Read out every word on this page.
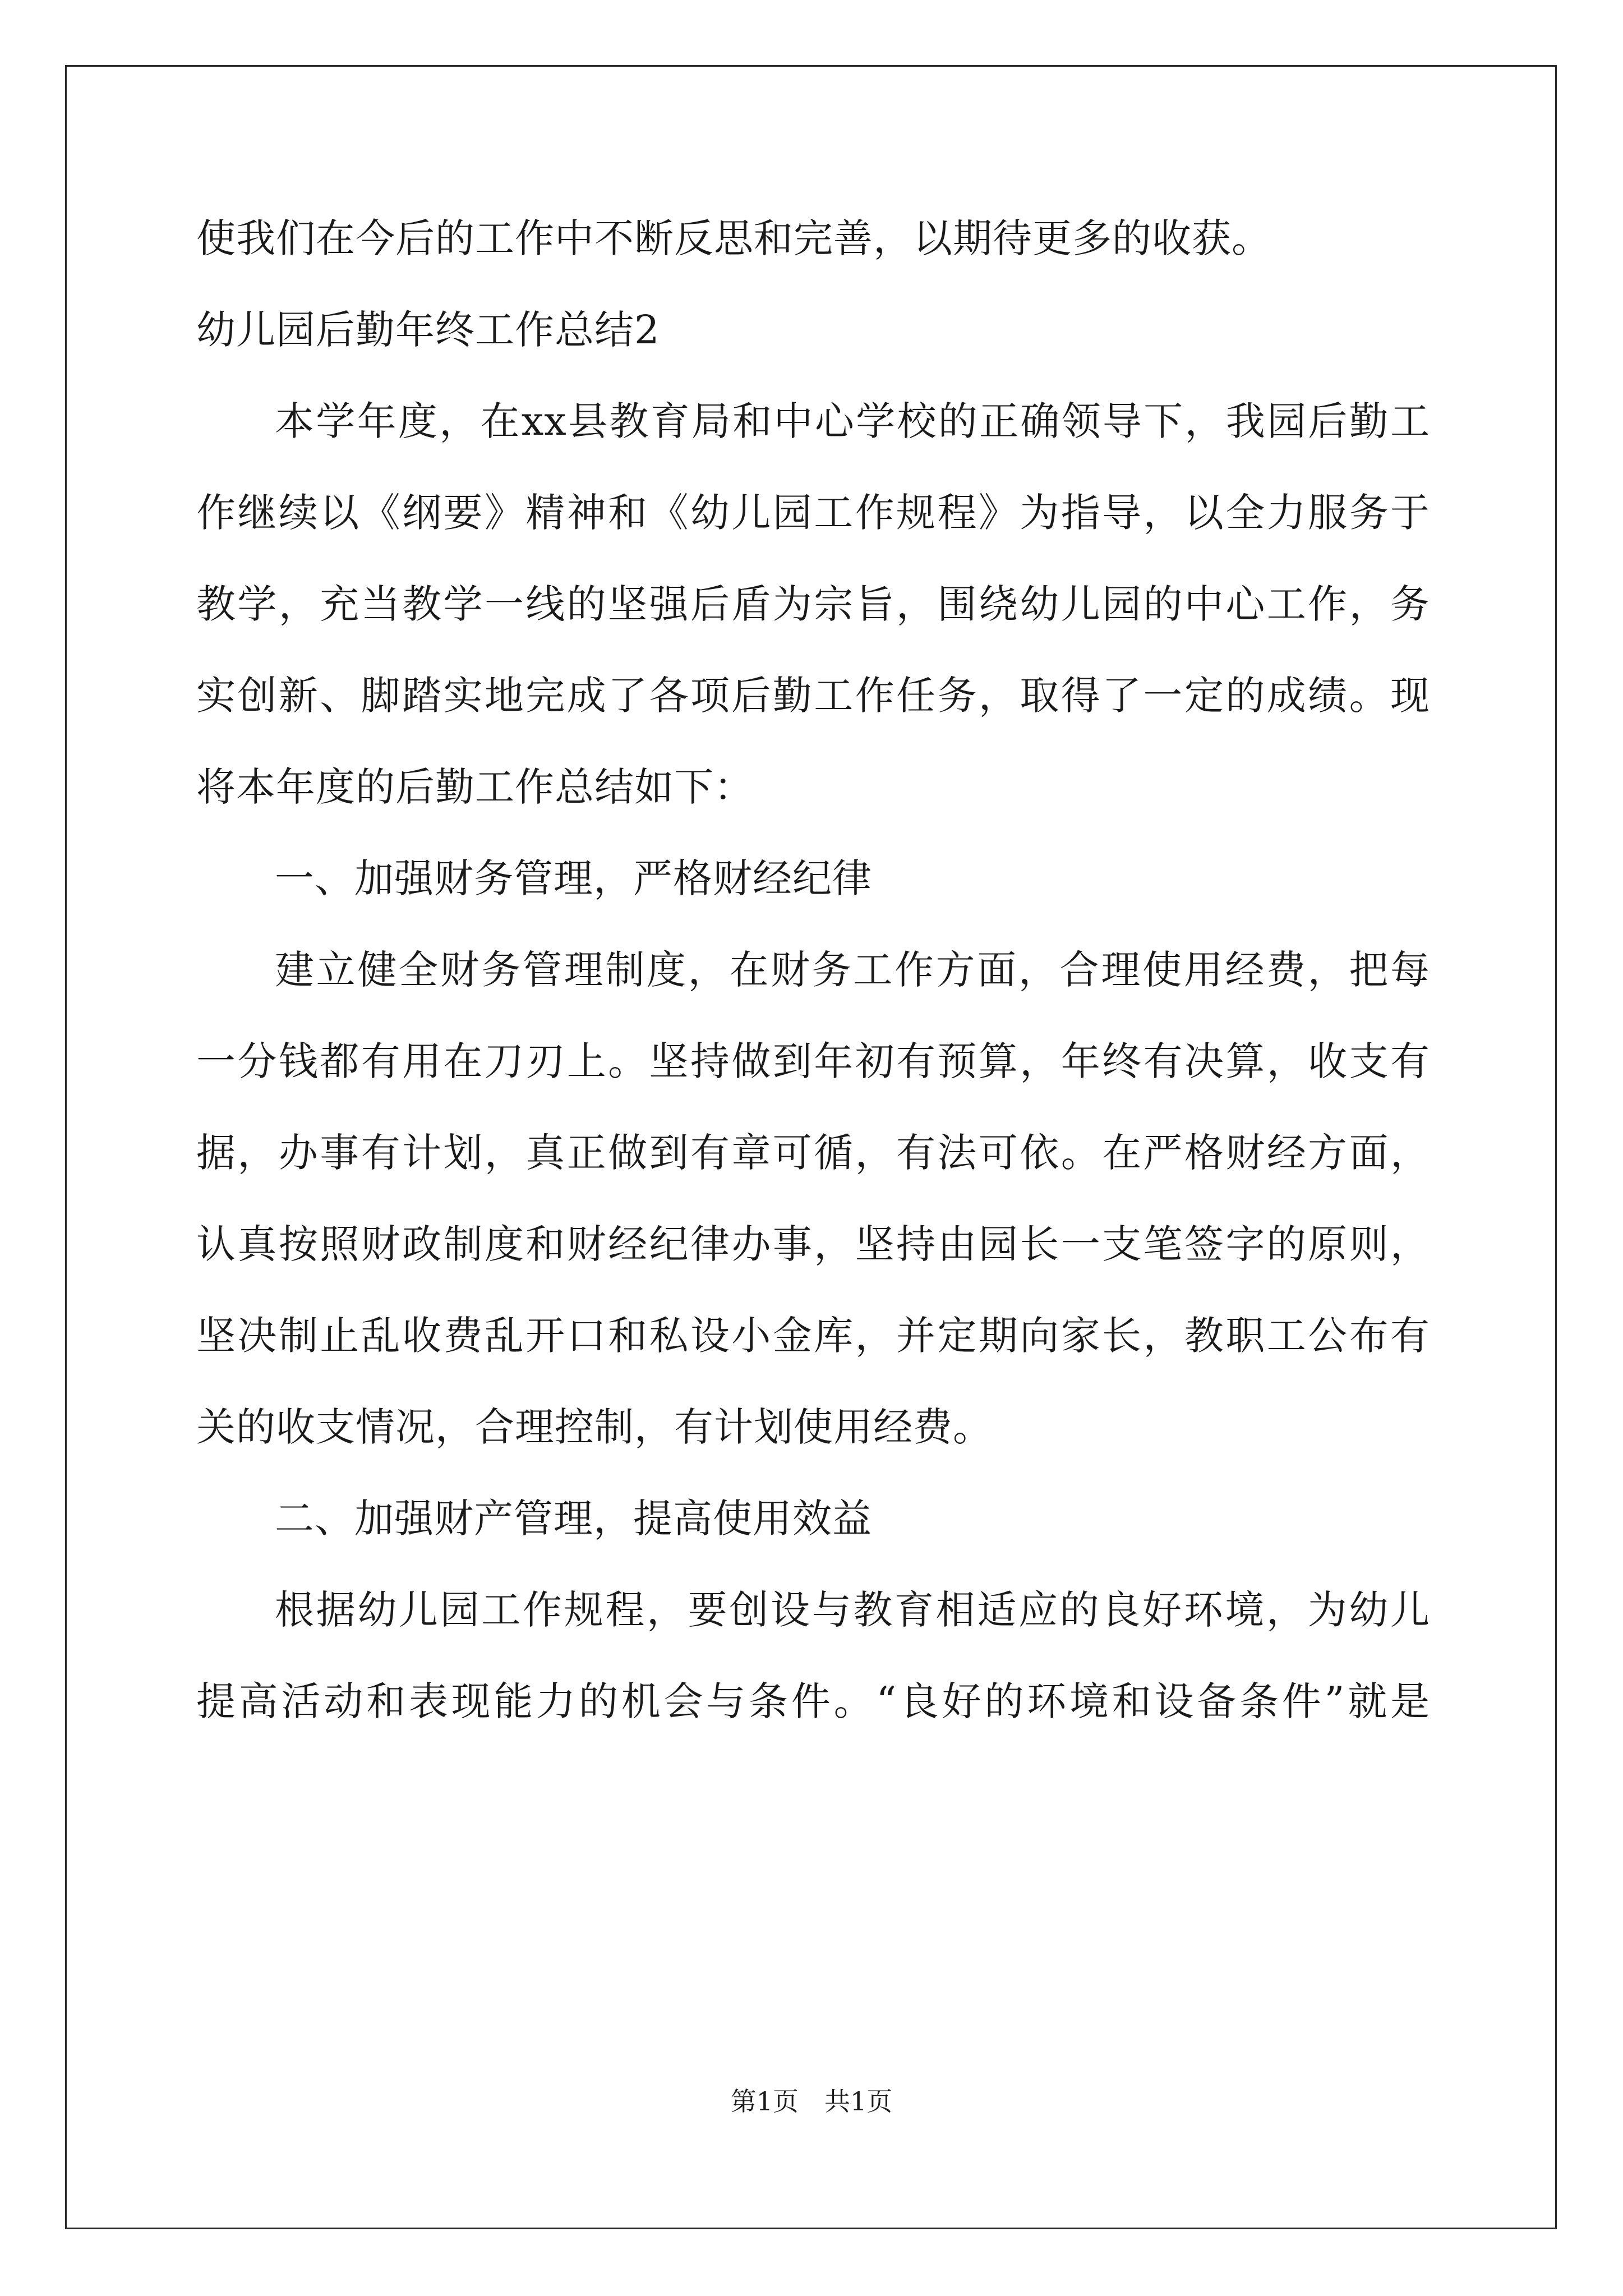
使我们在今后的工作中不断反思和完善，以期待更多的收获。
幼儿园后勤年终工作总结2
本学年度，在xx县教育局和中心学校的正确领导下，我园后勤工
作继续以《纲要》精神和《幼儿园工作规程》为指导，以全力服务于
教学，充当教学一线的坚强后盾为宗旨，围绕幼儿园的中心工作，务
实创新、脚踏实地完成了各项后勤工作任务，取得了一定的成绩。现
将本年度的后勤工作总结如下：
一、加强财务管理，严格财经纪律
建立健全财务管理制度，在财务工作方面，合理使用经费，把每
一分钱都有用在刀刃上。坚持做到年初有预算，年终有决算，收支有
据，办事有计划，真正做到有章可循，有法可依。在严格财经方面，
认真按照财政制度和财经纪律办事，坚持由园长一支笔签字的原则，
坚决制止乱收费乱开口和私设小金库，并定期向家长，教职工公布有
关的收支情况，合理控制，有计划使用经费。
二、加强财产管理，提高使用效益
根据幼儿园工作规程，要创设与教育相适应的良好环境，为幼儿
提高活动和表现能力的机会与条件。“良好的环境和设备条件”就是
第1页　共1页
